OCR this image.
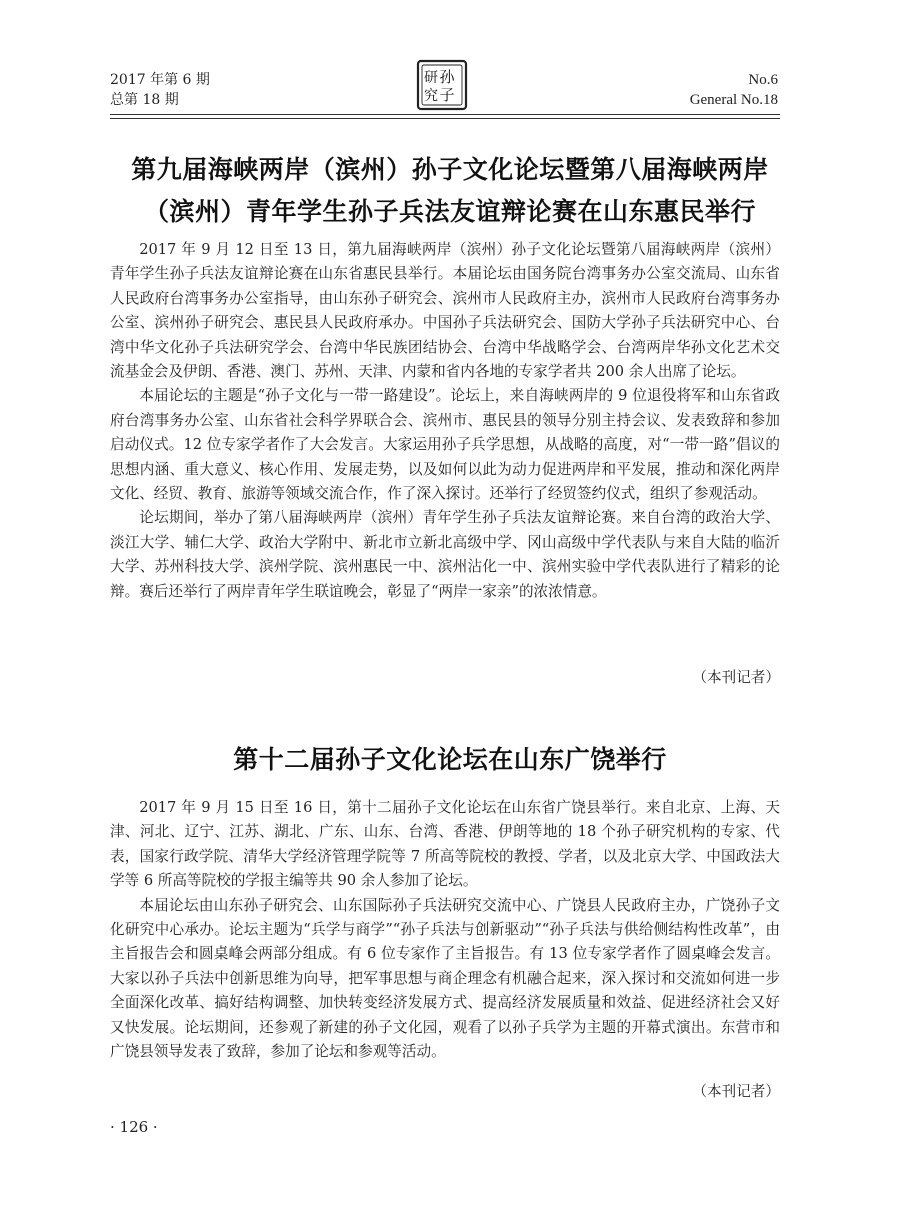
2017 年第 6 期
总第 18 期
孙
子
研
究
No.6
General No.18
第九届海峡两岸（滨州）孙子文化论坛暨第八届海峡两岸
（滨州）青年学生孙子兵法友谊辩论赛在山东惠民举行

2017 年 9 月 12 日至 13 日，第九届海峡两岸（滨州）孙子文化论坛暨第八届海峡两岸（滨州）青年学生孙子兵法友谊辩论赛在山东省惠民县举行。本届论坛由国务院台湾事务办公室交流局、山东省人民政府台湾事务办公室指导，由山东孙子研究会、滨州市人民政府主办，滨州市人民政府台湾事务办公室、滨州孙子研究会、惠民县人民政府承办。中国孙子兵法研究会、国防大学孙子兵法研究中心、台湾中华文化孙子兵法研究学会、台湾中华民族团结协会、台湾中华战略学会、台湾两岸华孙文化艺术交流基金会及伊朗、香港、澳门、苏州、天津、内蒙和省内各地的专家学者共 200 余人出席了论坛。

本届论坛的主题是“孙子文化与一带一路建设”。论坛上，来自海峡两岸的 9 位退役将军和山东省政府台湾事务办公室、山东省社会科学界联合会、滨州市、惠民县的领导分别主持会议、发表致辞和参加启动仪式。12 位专家学者作了大会发言。大家运用孙子兵学思想，从战略的高度，对“一带一路”倡议的思想内涵、重大意义、核心作用、发展走势，以及如何以此为动力促进两岸和平发展，推动和深化两岸文化、经贸、教育、旅游等领域交流合作，作了深入探讨。还举行了经贸签约仪式，组织了参观活动。

论坛期间，举办了第八届海峡两岸（滨州）青年学生孙子兵法友谊辩论赛。来自台湾的政治大学、淡江大学、辅仁大学、政治大学附中、新北市立新北高级中学、冈山高级中学代表队与来自大陆的临沂大学、苏州科技大学、滨州学院、滨州惠民一中、滨州沾化一中、滨州实验中学代表队进行了精彩的论辩。赛后还举行了两岸青年学生联谊晚会，彰显了“两岸一家亲”的浓浓情意。

（本刊记者）
第十二届孙子文化论坛在山东广饶举行

2017 年 9 月 15 日至 16 日，第十二届孙子文化论坛在山东省广饶县举行。来自北京、上海、天津、河北、辽宁、江苏、湖北、广东、山东、台湾、香港、伊朗等地的 18 个孙子研究机构的专家、代表，国家行政学院、清华大学经济管理学院等 7 所高等院校的教授、学者，以及北京大学、中国政法大学等 6 所高等院校的学报主编等共 90 余人参加了论坛。

本届论坛由山东孙子研究会、山东国际孙子兵法研究交流中心、广饶县人民政府主办，广饶孙子文化研究中心承办。论坛主题为“兵学与商学”“孙子兵法与创新驱动”“孙子兵法与供给侧结构性改革”，由主旨报告会和圆桌峰会两部分组成。有 6 位专家作了主旨报告。有 13 位专家学者作了圆桌峰会发言。大家以孙子兵法中创新思维为向导，把军事思想与商企理念有机融合起来，深入探讨和交流如何进一步全面深化改革、搞好结构调整、加快转变经济发展方式、提高经济发展质量和效益、促进经济社会又好又快发展。论坛期间，还参观了新建的孙子文化园，观看了以孙子兵学为主题的开幕式演出。东营市和广饶县领导发表了致辞，参加了论坛和参观等活动。

（本刊记者）
· 126 ·
